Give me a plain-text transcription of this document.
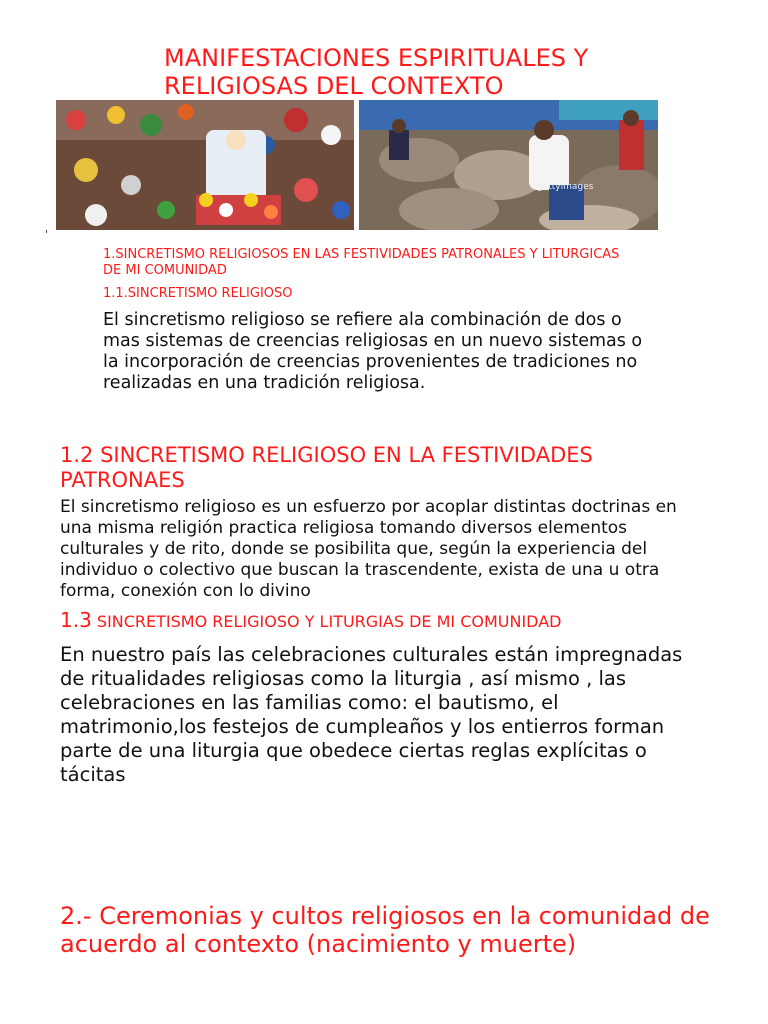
MANIFESTACIONES ESPIRITUALES Y RELIGIOSAS DEL CONTEXTO
gettyimages
'
1.SINCRETISMO RELIGIOSOS EN LAS FESTIVIDADES PATRONALES Y LITURGICAS DE MI COMUNIDAD
1.1.SINCRETISMO RELIGIOSO
El sincretismo religioso se refiere ala combinación de dos o mas sistemas de creencias religiosas en un nuevo sistemas o la incorporación de creencias provenientes de tradiciones no realizadas en una tradición religiosa.
1.2 SINCRETISMO RELIGIOSO EN LA FESTIVIDADES PATRONAES
El sincretismo religioso es un esfuerzo por acoplar distintas doctrinas en una misma religión practica religiosa tomando diversos elementos culturales y de rito, donde se posibilita que, según la experiencia del individuo o colectivo que buscan la trascendente, exista de una u otra forma, conexión con lo divino
1.3 SINCRETISMO RELIGIOSO Y LITURGIAS DE MI COMUNIDAD
En nuestro país las celebraciones culturales están impregnadas de ritualidades religiosas como la liturgia , así mismo , las celebraciones en las familias como: el bautismo, el matrimonio,los festejos de cumpleaños y los entierros forman parte de una liturgia que obedece ciertas reglas explícitas o tácitas
2.- Ceremonias y cultos religiosos en la comunidad de acuerdo al contexto (nacimiento y muerte)
